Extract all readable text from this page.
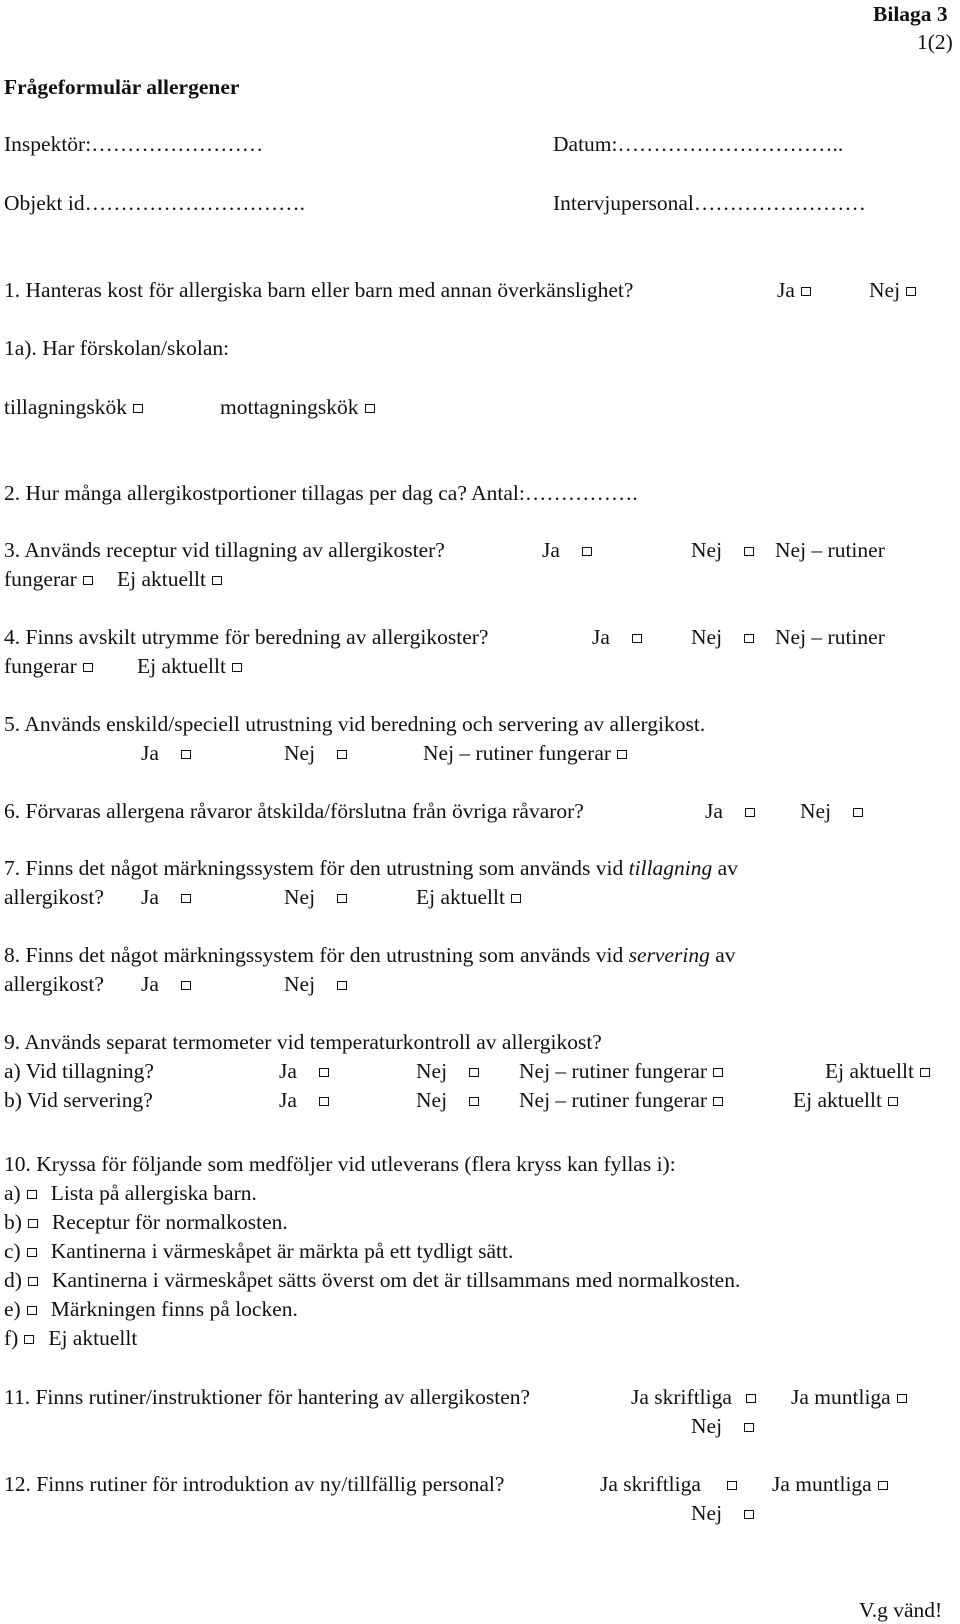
Bilaga 3
1(2)
Frågeformulär allergener
Inspektör:……………………	Datum:…………………………..
Objekt id………………………….	Intervjupersonal……………………
1. Hanteras kost för allergiska barn eller barn med annan överkänslighet?	Ja	Nej
1a). Har förskolan/skolan:
tillagningskök	mottagningskök
2. Hur många allergikostportioner tillagas per dag ca? Antal:…………….
3. Används receptur vid tillagning av allergikoster?	Ja	Nej	Nej – rutiner
fungerar	Ej aktuellt
4. Finns avskilt utrymme för beredning av allergikoster?	Ja	Nej	Nej – rutiner
fungerar	Ej aktuellt
5. Används enskild/speciell utrustning vid beredning och servering av allergikost.
Ja	Nej	Nej – rutiner fungerar
6. Förvaras allergena råvaror åtskilda/förslutna från övriga råvaror?	Ja	Nej
7. Finns det något märkningssystem för den utrustning som används vid tillagning av
allergikost? Ja	Nej	Ej aktuellt
8. Finns det något märkningssystem för den utrustning som används vid servering av
allergikost? Ja	Nej
9. Används separat termometer vid temperaturkontroll av allergikost?
a) Vid tillagning?	Ja	Nej	Nej – rutiner fungerar	Ej aktuellt
b) Vid servering?	Ja	Nej	Nej – rutiner fungerar	Ej aktuellt
10. Kryssa för följande som medföljer vid utleverans (flera kryss kan fyllas i):
a) Lista på allergiska barn.
b) Receptur för normalkosten.
c) Kantinerna i värmeskåpet är märkta på ett tydligt sätt.
d) Kantinerna i värmeskåpet sätts överst om det är tillsammans med normalkosten.
e) Märkningen finns på locken.
f) Ej aktuellt
11. Finns rutiner/instruktioner för hantering av allergikosten?	Ja skriftliga	Ja muntliga
Nej
12. Finns rutiner för introduktion av ny/tillfällig personal?	Ja skriftliga	Ja muntliga
Nej
V.g vänd!
